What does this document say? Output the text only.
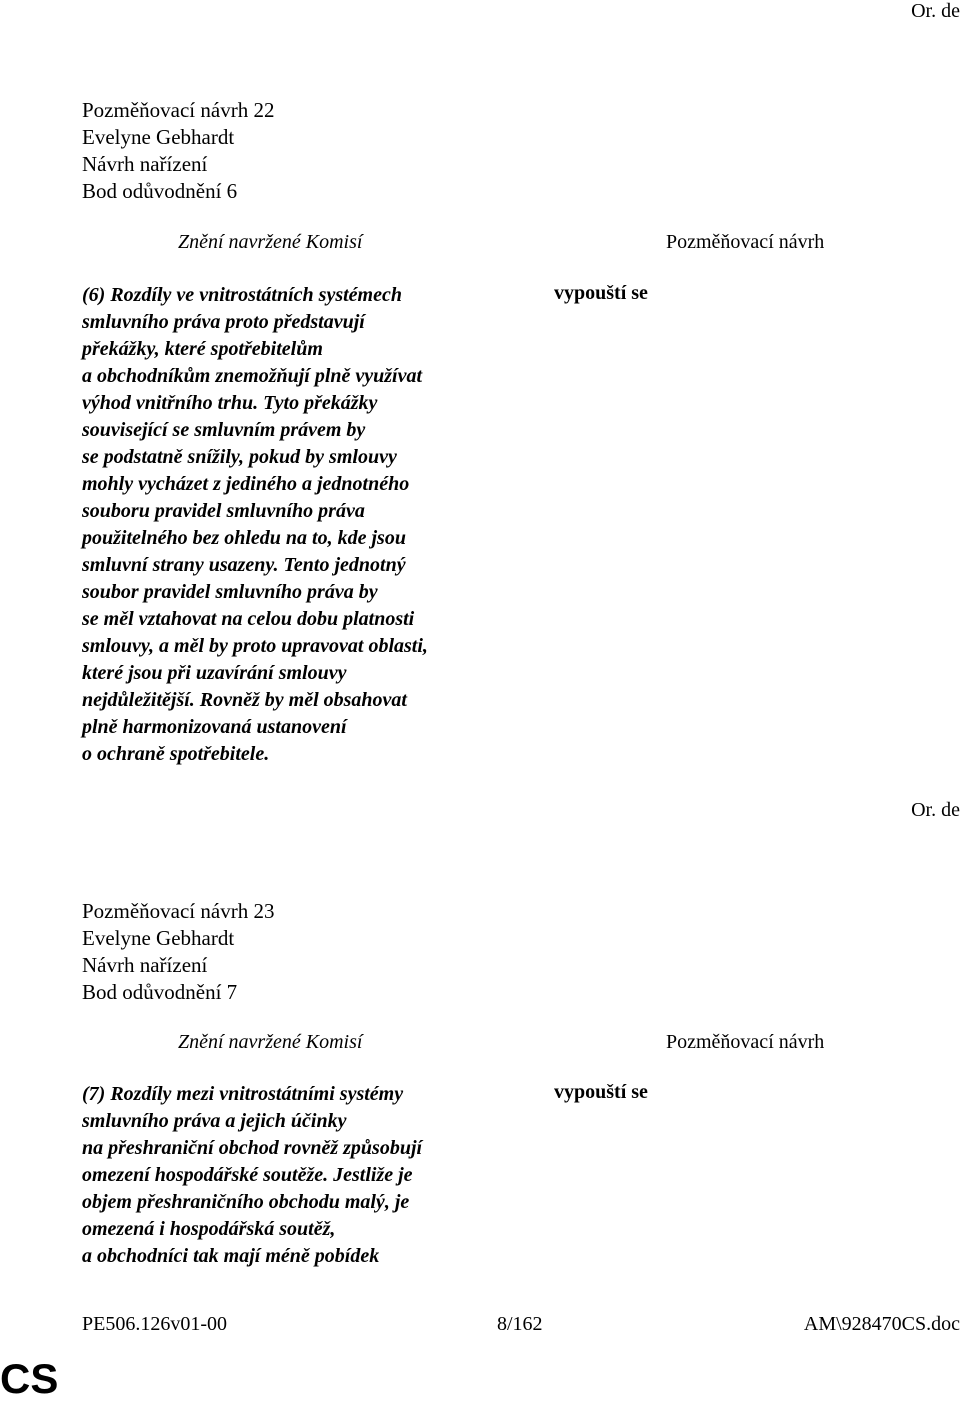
Or. de
Pozměňovací návrh 22
Evelyne Gebhardt
Návrh nařízení
Bod odůvodnění 6
Znění navržené Komisí	Pozměňovací návrh
(6) Rozdíly ve vnitrostátních systémech
smluvního práva proto představují
překážky, které spotřebitelům
a obchodníkům znemožňují plně využívat
výhod vnitřního trhu. Tyto překážky
související se smluvním právem by
se podstatně snížily, pokud by smlouvy
mohly vycházet z jediného a jednotného
souboru pravidel smluvního práva
použitelného bez ohledu na to, kde jsou
smluvní strany usazeny. Tento jednotný
soubor pravidel smluvního práva by
se měl vztahovat na celou dobu platnosti
smlouvy, a měl by proto upravovat oblasti,
které jsou při uzavírání smlouvy
nejdůležitější. Rovněž by měl obsahovat
plně harmonizovaná ustanovení
o ochraně spotřebitele.
vypouští se
Or. de
Pozměňovací návrh 23
Evelyne Gebhardt
Návrh nařízení
Bod odůvodnění 7
Znění navržené Komisí	Pozměňovací návrh
(7) Rozdíly mezi vnitrostátními systémy
smluvního práva a jejich účinky
na přeshraniční obchod rovněž způsobují
omezení hospodářské soutěže. Jestliže je
objem přeshraničního obchodu malý, je
omezená i hospodářská soutěž,
a obchodníci tak mají méně pobídek
vypouští se
PE506.126v01-00	8/162	AM\928470CS.doc
CS
